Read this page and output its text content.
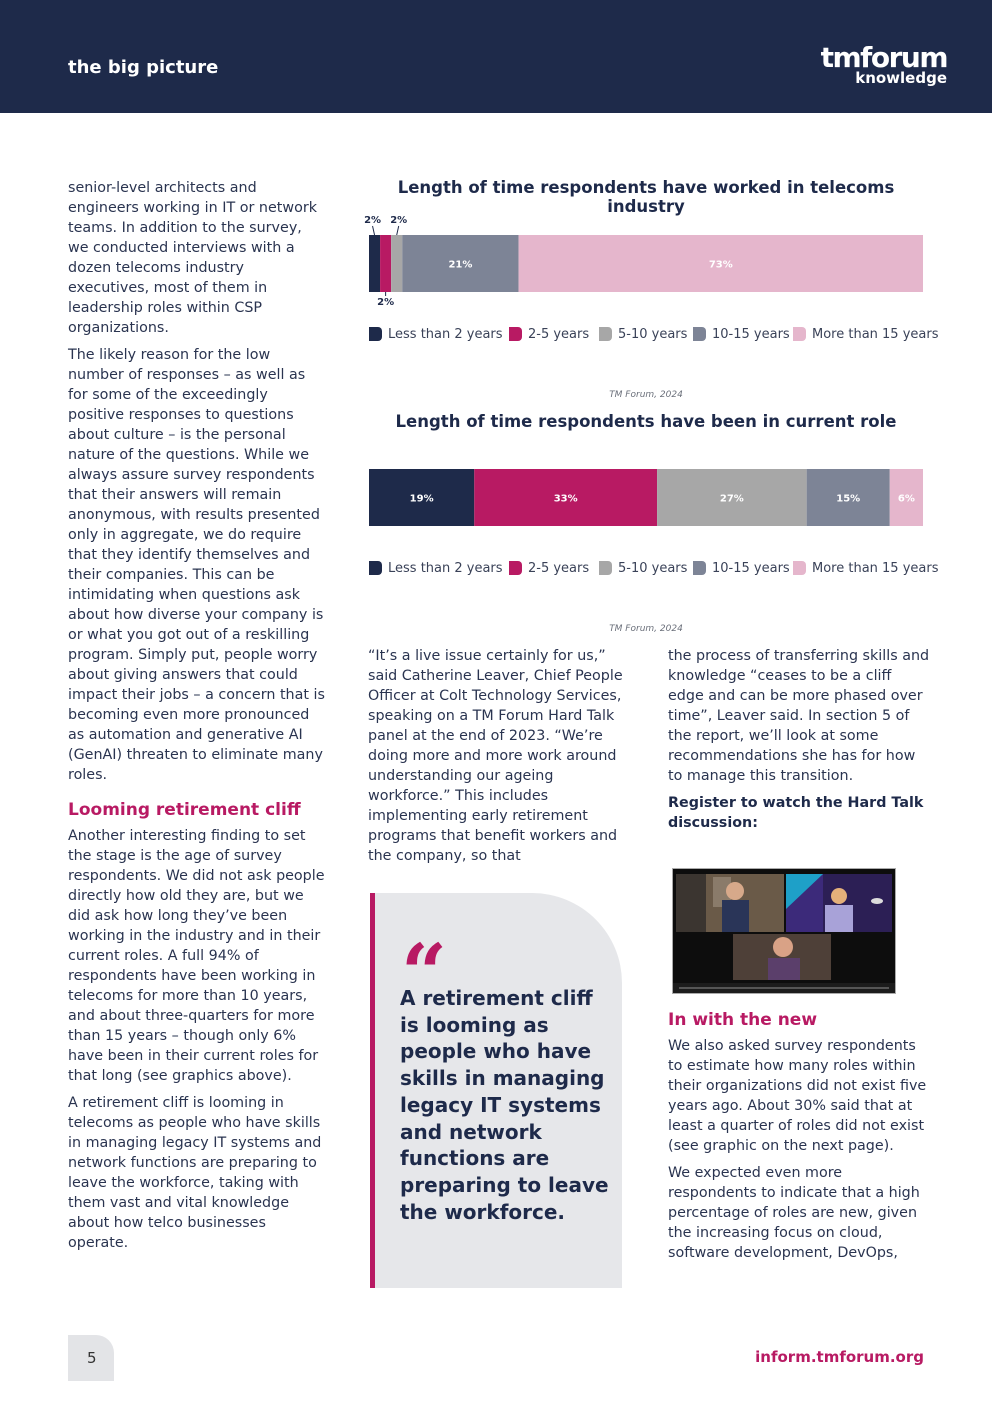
the big picture	tmforum
knowledge

senior-level architects and engineers working in IT or network teams. In addition to the survey, we conducted interviews with a dozen telecoms industry executives, most of them in leadership roles within CSP organizations.

The likely reason for the low number of responses – as well as for some of the exceedingly positive responses to questions about culture – is the personal nature of the questions. While we always assure survey respondents that their answers will remain anonymous, with results presented only in aggregate, we do require that they identify themselves and their companies. This can be intimidating when questions ask about how diverse your company is or what you got out of a reskilling program. Simply put, people worry about giving answers that could impact their jobs – a concern that is becoming even more pronounced as automation and generative AI (GenAI) threaten to eliminate many roles.

Looming retirement cliff

Another interesting finding to set the stage is the age of survey respondents. We did not ask people directly how old they are, but we did ask how long they’ve been working in the industry and in their current roles. A full 94% of respondents have been working in telecoms for more than 10 years, and about three-quarters for more than 15 years – though only 6% have been in their current roles for that long (see graphics above).

A retirement cliff is looming in telecoms as people who have skills in managing legacy IT systems and network functions are preparing to leave the workforce, taking with them vast and vital knowledge about how telco businesses operate.

Length of time respondents have worked in telecoms industry
2%
2%
2%
21%	73%
Less than 2 years 2-5 years 5-10 years 10-15 years More than 15 years
TM Forum, 2024
Length of time respondents have been in current role
19%	33%	27%	15%	6%
Less than 2 years 2-5 years 5-10 years 10-15 years More than 15 years
TM Forum, 2024

“It’s a live issue certainly for us,” said Catherine Leaver, Chief People Officer at Colt Technology Services, speaking on a TM Forum Hard Talk panel at the end of 2023. “We’re doing more and more work around understanding our ageing workforce.” This includes implementing early retirement programs that benefit workers and the company, so that

“
A retirement cliff is looming as people who have skills in managing legacy IT systems and network functions are preparing to leave the workforce.

the process of transferring skills and knowledge “ceases to be a cliff edge and can be more phased over time”, Leaver said. In section 5 of the report, we’ll look at some recommendations she has for how to manage this transition.

Register to watch the Hard Talk discussion:

In with the new

We also asked survey respondents to estimate how many roles within their organizations did not exist five years ago. About 30% said that at least a quarter of roles did not exist (see graphic on the next page).

We expected even more respondents to indicate that a high percentage of roles are new, given the increasing focus on cloud, software development, DevOps,

5	inform.tmforum.org
